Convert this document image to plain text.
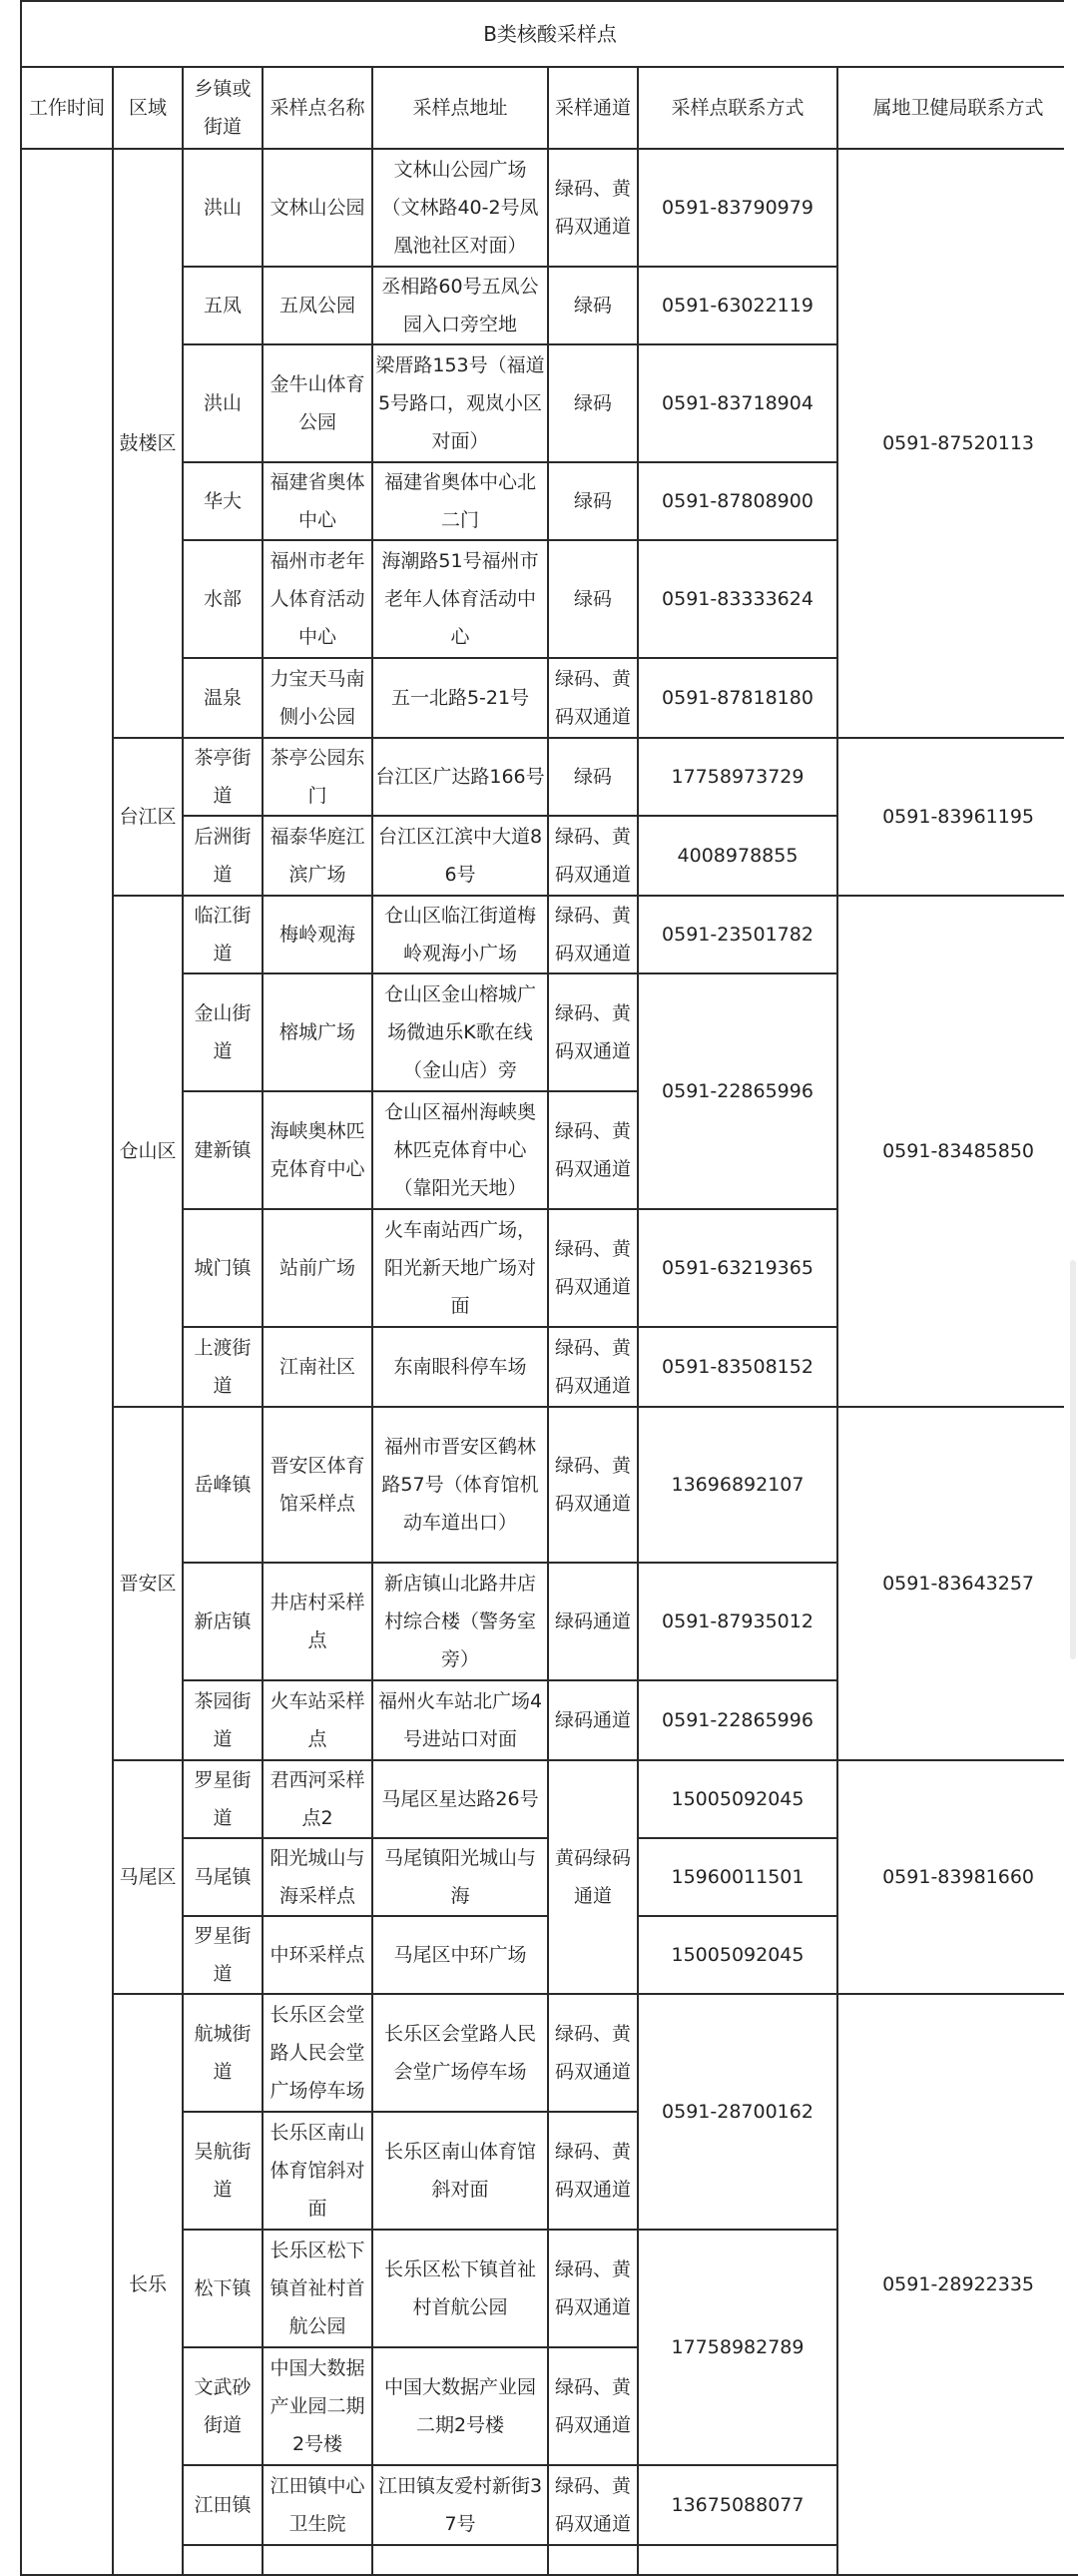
B类核酸采样点							
工作时间	区域	乡镇或街道	采样点名称	采样点地址	采样通道	采样点联系方式	属地卫健局联系方式
	鼓楼区	洪山	文林山公园	文林山公园广场（文林路40-2号凤凰池社区对面）	绿码、黄码双通道	0591-83790979	0591-87520113
		五凤	五凤公园	丞相路60号五凤公园入口旁空地	绿码	0591-63022119	
		洪山	金牛山体育公园	梁厝路153号（福道5号路口，观岚小区对面）	绿码	0591-83718904	
		华大	福建省奥体中心	福建省奥体中心北二门	绿码	0591-87808900	
		水部	福州市老年人体育活动中心	海潮路51号福州市老年人体育活动中心	绿码	0591-83333624	
		温泉	力宝天马南侧小公园	五一北路5-21号	绿码、黄码双通道	0591-87818180	
	台江区	茶亭街道	茶亭公园东门	台江区广达路166号	绿码	17758973729	0591-83961195
		后洲街道	福泰华庭江滨广场	台江区江滨中大道86号	绿码、黄码双通道	4008978855	
	仓山区	临江街道	梅岭观海	仓山区临江街道梅岭观海小广场	绿码、黄码双通道	0591-23501782	0591-83485850
		金山街道	榕城广场	仓山区金山榕城广场微迪乐K歌在线（金山店）旁	绿码、黄码双通道	0591-22865996	
		建新镇	海峡奥林匹克体育中心	仓山区福州海峡奥林匹克体育中心（靠阳光天地）	绿码、黄码双通道		
		城门镇	站前广场	火车南站西广场，阳光新天地广场对面	绿码、黄码双通道	0591-63219365	
		上渡街道	江南社区	东南眼科停车场	绿码、黄码双通道	0591-83508152	
	晋安区	岳峰镇	晋安区体育馆采样点	福州市晋安区鹤林路57号（体育馆机动车道出口）	绿码、黄码双通道	13696892107	0591-83643257
		新店镇	井店村采样点	新店镇山北路井店村综合楼（警务室旁）	绿码通道	0591-87935012	
		茶园街道	火车站采样点	福州火车站北广场4号进站口对面	绿码通道	0591-22865996	
	马尾区	罗星街道	君西河采样点2	马尾区星达路26号	黄码绿码通道	15005092045	0591-83981660
		马尾镇	阳光城山与海采样点	马尾镇阳光城山与海		15960011501	
		罗星街道	中环采样点	马尾区中环广场		15005092045	
	长乐	航城街道	长乐区会堂路人民会堂广场停车场	长乐区会堂路人民会堂广场停车场	绿码、黄码双通道	0591-28700162	0591-28922335
		吴航街道	长乐区南山体育馆斜对面	长乐区南山体育馆斜对面	绿码、黄码双通道		
		松下镇	长乐区松下镇首祉村首航公园	长乐区松下镇首祉村首航公园	绿码、黄码双通道	17758982789	
		文武砂街道	中国大数据产业园二期2号楼	中国大数据产业园二期2号楼	绿码、黄码双通道		
		江田镇	江田镇中心卫生院	江田镇友爱村新街37号	绿码、黄码双通道	13675088077	
